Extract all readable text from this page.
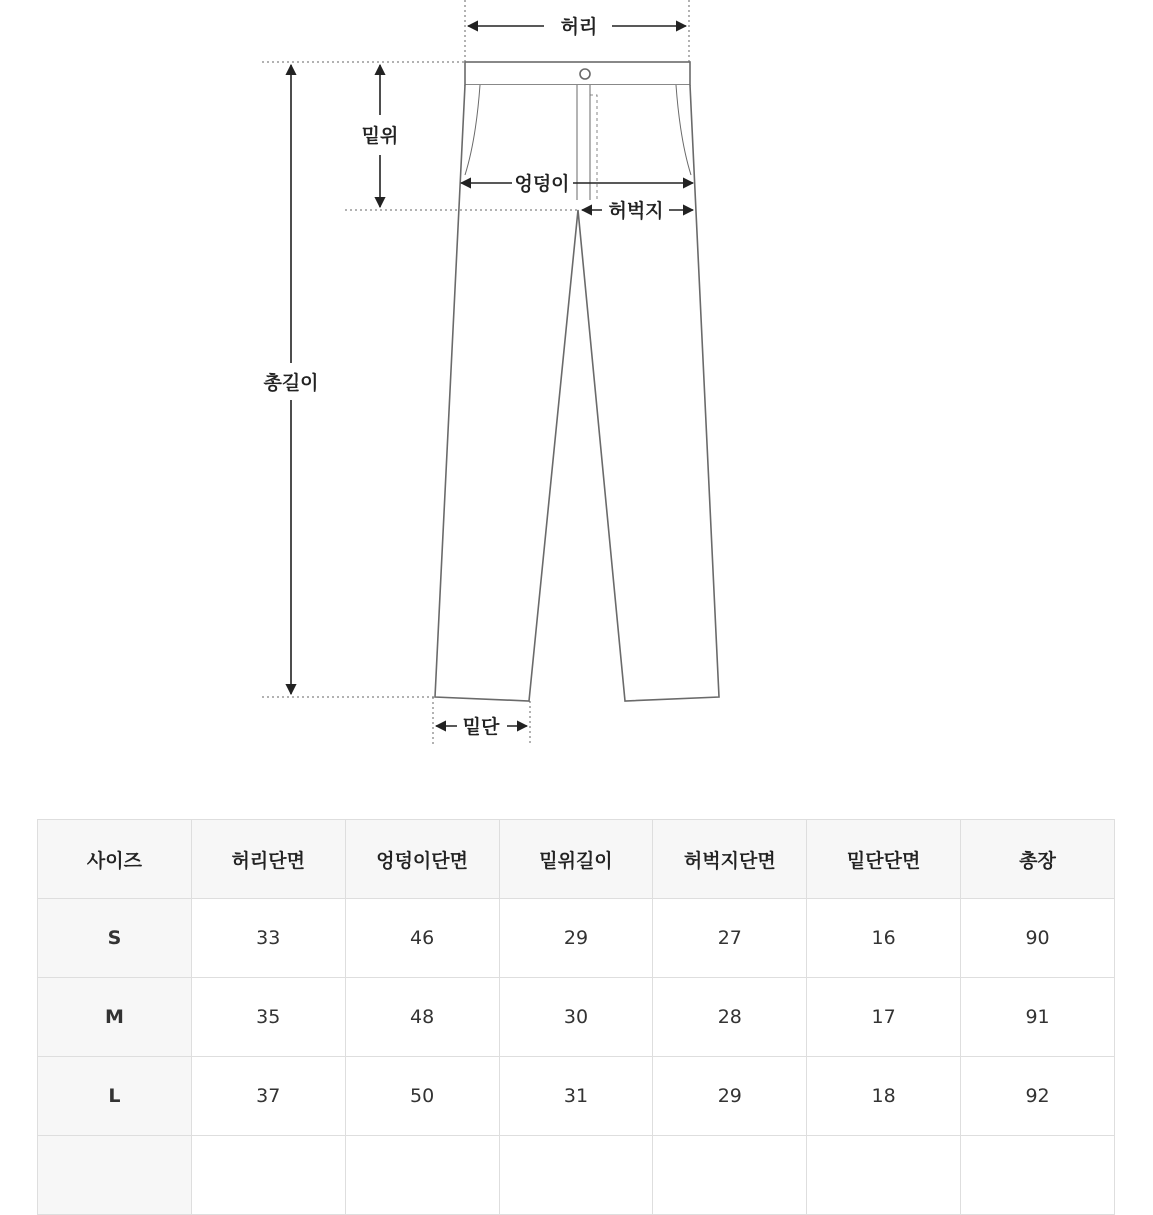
허리
밑위
엉덩이
허벅지
총길이
밑단
사이즈	허리단면	엉덩이단면	밑위길이	허벅지단면	밑단단면	총장
S	33	46	29	27	16	90
M	35	48	30	28	17	91
L	37	50	31	29	18	92
